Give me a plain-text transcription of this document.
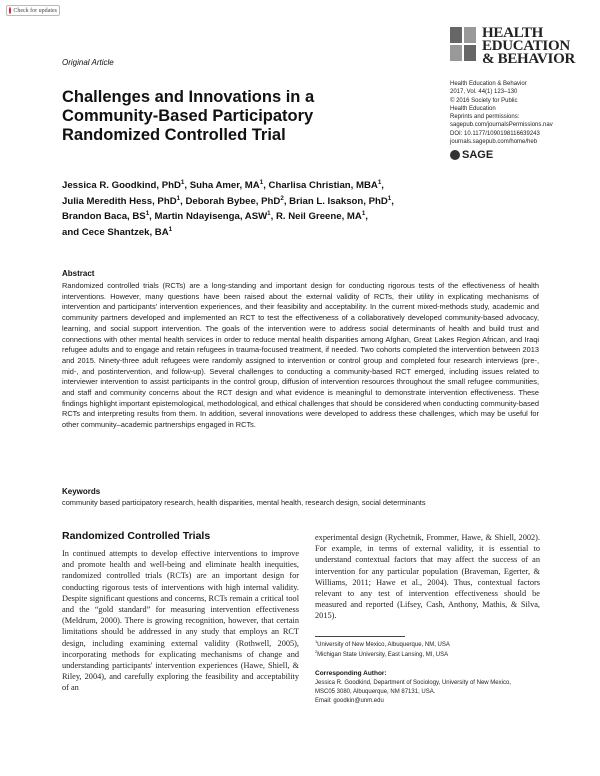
Check for updates
HEALTH
EDUCATION
& BEHAVIOR
Original Article
Challenges and Innovations in a Community-Based Participatory Randomized Controlled Trial
Health Education & Behavior
2017, Vol. 44(1) 123–130
© 2016 Society for Public
Health Education
Reprints and permissions:
sagepub.com/journalsPermissions.nav
DOI: 10.1177/1090198116639243
journals.sagepub.com/home/heb
SAGE
Jessica R. Goodkind, PhD$^1$, Suha Amer, $MA^1$, Charlisa Christian, MBA$^1$,
Julia Meredith Hess, PhD$^1$, Deborah Bybee, PhD$^2$, Brian L. Isakson, PhD$^1$,
Brandon Baca, $BS^1$, Martin Ndayisenga, ASW$^1$, R. Neil Greene, $MA^1$,
and Cece Shantzek, $BA^1$
Abstract
Randomized controlled trials (RCTs) are a long-standing and important design for conducting rigorous tests of the effectiveness of health interventions. However, many questions have been raised about the external validity of RCTs, their utility in explicating mechanisms of intervention and participants' intervention experiences, and their feasibility and acceptability. In the current mixed-methods study, academic and community partners developed and implemented an RCT to test the effectiveness of a collaboratively developed community-based advocacy, learning, and social support intervention. The goals of the intervention were to address social determinants of health and build trust and connections with other mental health services in order to reduce mental health disparities among Afghan, Great Lakes Region African, and Iraqi refugee adults and to engage and retain refugees in trauma-focused treatment, if needed. Two cohorts completed the intervention between 2013 and 2015. Ninety-three adult refugees were randomly assigned to intervention or control group and completed four research interviews (pre-, mid-, and postintervention, and follow-up). Several challenges to conducting a community-based RCT emerged, including issues related to interviewer intervention to assist participants in the control group, diffusion of intervention resources throughout the small refugee communities, and staff and community concerns about the RCT design and what evidence is meaningful to demonstrate intervention effectiveness. These findings highlight important epistemological, methodological, and ethical challenges that should be considered when conducting community-based RCTs and interpreting results from them. In addition, several innovations were developed to address these challenges, which may be useful for other community–academic partnerships engaged in RCTs.
Keywords
community based participatory research, health disparities, mental health, research design, social determinants
Randomized Controlled Trials
In continued attempts to develop effective interventions to improve and promote health and well-being and eliminate health inequities, randomized controlled trials (RCTs) are an important design for conducting rigorous tests of interventions with high internal validity. Despite significant questions and concerns, RCTs remain a critical tool and the “gold standard” for measuring intervention effectiveness (Meldrum, 2000). There is growing recognition, however, that certain limitations should be addressed in any study that employs an RCT design, including examining external validity (Rothwell, 2005), incorporating methods for explicating mechanisms of change and understanding participants' intervention experiences (Hawe, Shiell, & Riley, 2004), and carefully exploring the feasibility and acceptability of an
experimental design (Rychetnik, Frommer, Hawe, & Shiell, 2002). For example, in terms of external validity, it is essential to understand contextual factors that may affect the success of an intervention for any particular population (Braveman, Egerter, & Williams, 2011; Hawe et al., 2004). Thus, contextual factors relevant to any test of intervention effectiveness should be measured and reported (Lifsey, Cash, Anthony, Mathis, & Silva, 2015).
$^1$University of New Mexico, Albuquerque, NM, USA
$^2$Michigan State University, East Lansing, MI, USA
Corresponding Author:
Jessica R. Goodkind, Department of Sociology, University of New Mexico,
MSC05 3080, Albuquerque, NM 87131, USA.
Email: goodkin@unm.edu
